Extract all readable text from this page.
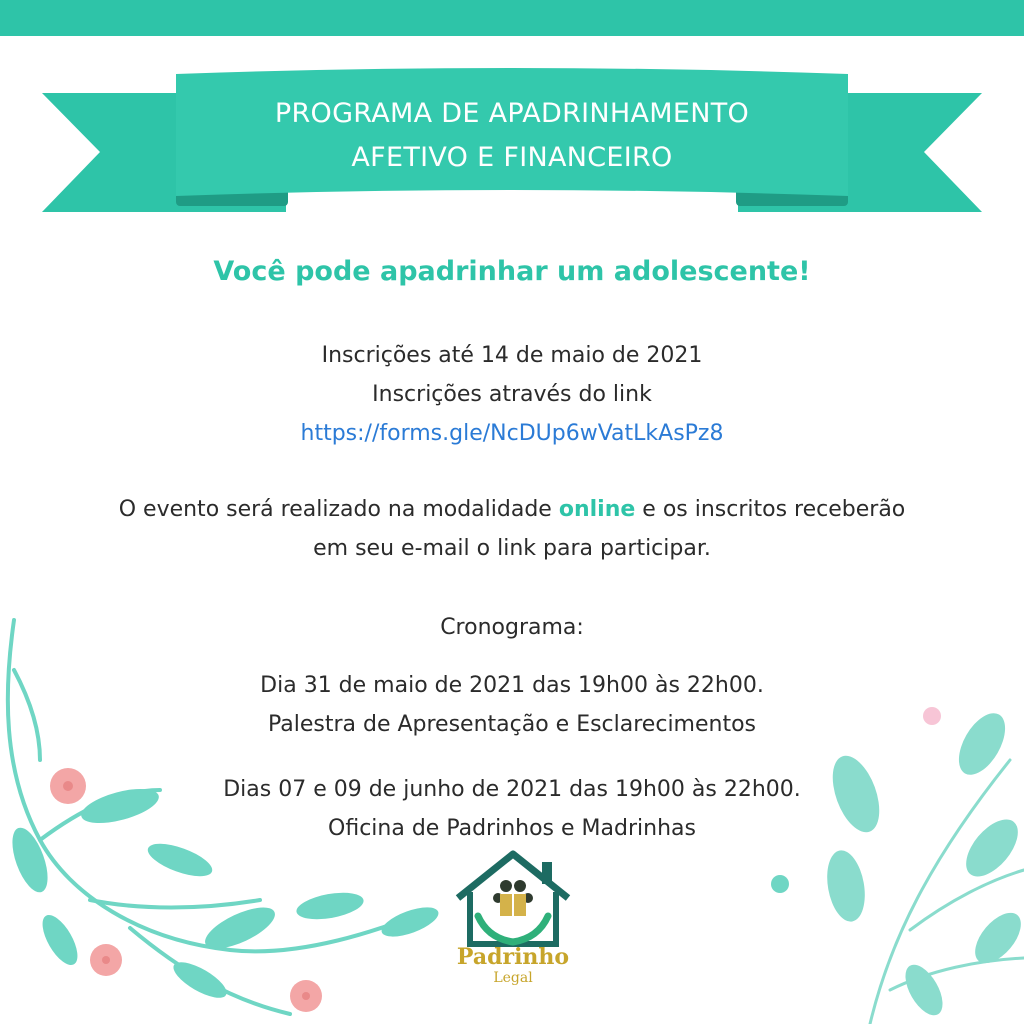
PROGRAMA DE APADRINHAMENTO
AFETIVO E FINANCEIRO
Você pode apadrinhar um adolescente!
Inscrições até 14 de maio de 2021
Inscrições através do link
https://forms.gle/NcDUp6wVatLkAsPz8
O evento será realizado na modalidade online e os inscritos receberão
em seu e-mail o link para participar.
Cronograma:
Dia 31 de maio de 2021 das 19h00 às 22h00.
Palestra de Apresentação e Esclarecimentos
Dias 07 e 09 de junho de 2021 das 19h00 às 22h00.
Oficina de Padrinhos e Madrinhas
Padrinho
Legal
